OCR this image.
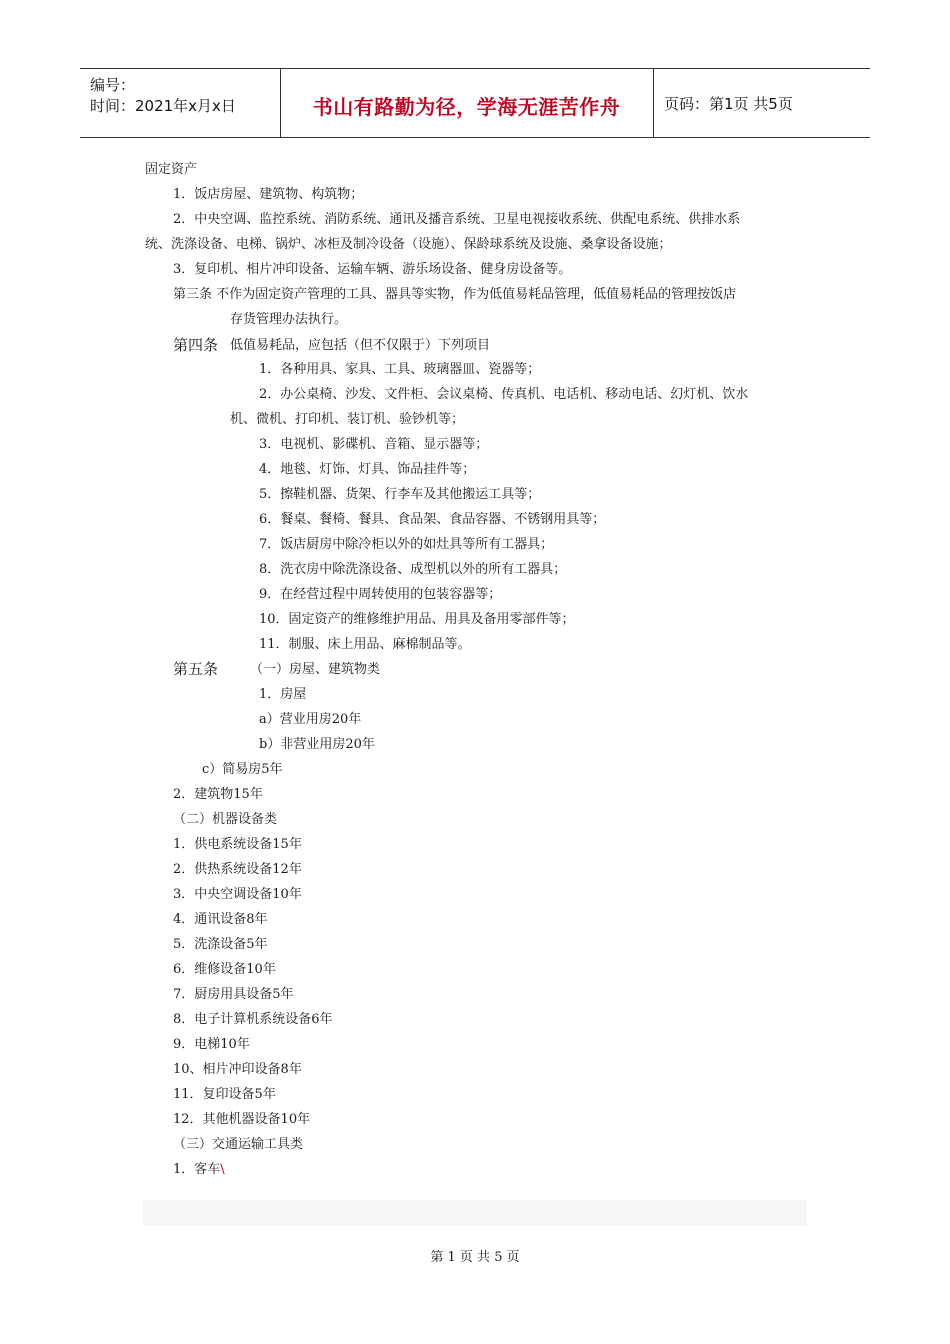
编号：
时间：2021年x月x日	书山有路勤为径，学海无涯苦作舟	页码：第1页 共5页
固定资产
1．饭店房屋、建筑物、构筑物；
2．中央空调、监控系统、消防系统、通讯及播音系统、卫星电视接收系统、供配电系统、供排水系
统、洗涤设备、电梯、锅炉、冰柜及制冷设备（设施）、保龄球系统及设施、桑拿设备设施；
3．复印机、相片冲印设备、运输车辆、游乐场设备、健身房设备等。
第三条 不作为固定资产管理的工具、器具等实物，作为低值易耗品管理，低值易耗品的管理按饭店
存货管理办法执行。
第四条 低值易耗品，应包括（但不仅限于）下列项目
1．各种用具、家具、工具、玻璃器皿、瓷器等；
2．办公桌椅、沙发、文件柜、会议桌椅、传真机、电话机、移动电话、幻灯机、饮水
机、微机、打印机、装订机、验钞机等；
3．电视机、影碟机、音箱、显示器等；
4．地毯、灯饰、灯具、饰品挂件等；
5．擦鞋机器、货架、行李车及其他搬运工具等；
6．餐桌、餐椅、餐具、食品架、食品容器、不锈钢用具等；
7．饭店厨房中除冷柜以外的如灶具等所有工器具；
8．洗衣房中除洗涤设备、成型机以外的所有工器具；
9．在经营过程中周转使用的包装容器等；
10．固定资产的维修维护用品、用具及备用零部件等；
11．制服、床上用品、麻棉制品等。
第五条 （一）房屋、建筑物类
1．房屋
a）营业用房20年
b）非营业用房20年
c）简易房5年
2．建筑物15年
（二）机器设备类
1．供电系统设备15年
2．供热系统设备12年
3．中央空调设备10年
4．通讯设备8年
5．洗涤设备5年
6．维修设备10年
7．厨房用具设备5年
8．电子计算机系统设备6年
9．电梯10年
10、相片冲印设备8年
11．复印设备5年
12．其他机器设备10年
（三）交通运输工具类
1．客车\
第 1 页 共 5 页
